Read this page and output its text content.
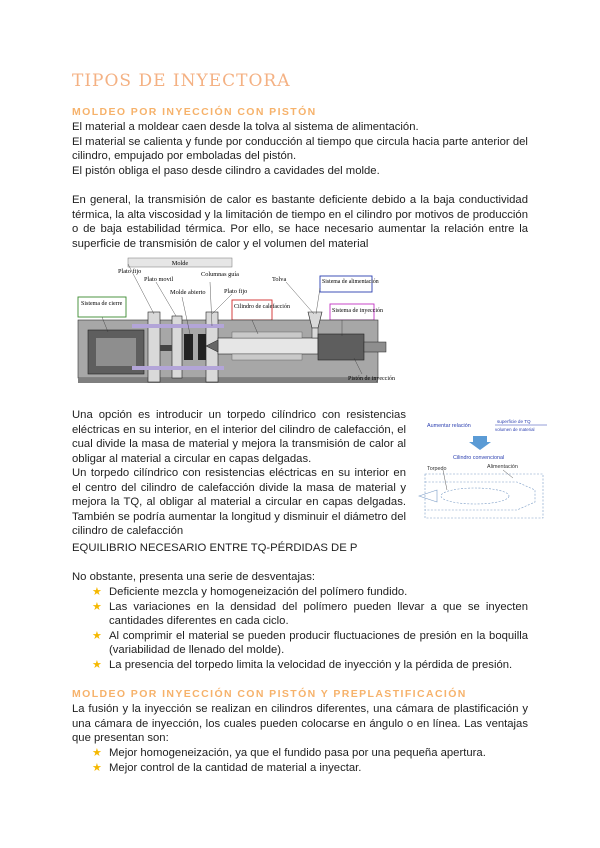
TIPOS DE INYECTORA
MOLDEO POR INYECCIÓN CON PISTÓN
El material a moldear caen desde la tolva al sistema de alimentación.
El material se calienta y funde por conducción al tiempo que circula hacia parte anterior del
cilindro, empujado por emboladas del pistón.
El pistón obliga el paso desde cilindro a cavidades del molde.
En general, la transmisión de calor es bastante deficiente debido a la baja conductividad térmica, la alta viscosidad y la limitación de tiempo en el cilindro por motivos de producción o de baja estabilidad térmica. Por ello, se hace necesario aumentar la relación entre la superficie de transmisión de calor y el volumen del material
Molde
Plato fijo
Plato movil
Columnas guía
Molde abierto	Plato fijo
Tolva
Sistema de cierre	Cilindro de calefacción
Sistema de alimentación
Sistema de inyección
Pistón de inyección
Una opción es introducir un torpedo cilíndrico con resistencias eléctricas en su interior, en el interior del cilindro de calefacción, el cual divide la masa de material y mejora la transmisión de calor al obligar al material a circular en capas delgadas.
Un torpedo cilíndrico con resistencias eléctricas en su interior en el centro del cilindro de calefacción divide la masa de material y mejora la TQ, al obligar al material a circular en capas delgadas. También se podría aumentar la longitud y disminuir el diámetro del cilindro de calefacción
Aumentar relación
superficie de TQ
volumen de material
Cilindro convencional
Torpedo	Alimentación
EQUILIBRIO NECESARIO ENTRE TQ-PÉRDIDAS DE P
No obstante, presenta una serie de desventajas:
★ Deficiente mezcla y homogeneización del polímero fundido.
★ Las variaciones en la densidad del polímero pueden llevar a que se inyecten cantidades diferentes en cada ciclo.
★ Al comprimir el material se pueden producir fluctuaciones de presión en la boquilla (variabilidad de llenado del molde).
★ La presencia del torpedo limita la velocidad de inyección y la pérdida de presión.
MOLDEO POR INYECCIÓN CON PISTÓN Y PREPLASTIFICACIÓN
La fusión y la inyección se realizan en cilindros diferentes, una cámara de plastificación y una cámara de inyección, los cuales pueden colocarse en ángulo o en línea. Las ventajas que presentan son:
★ Mejor homogeneización, ya que el fundido pasa por una pequeña apertura.
★ Mejor control de la cantidad de material a inyectar.
